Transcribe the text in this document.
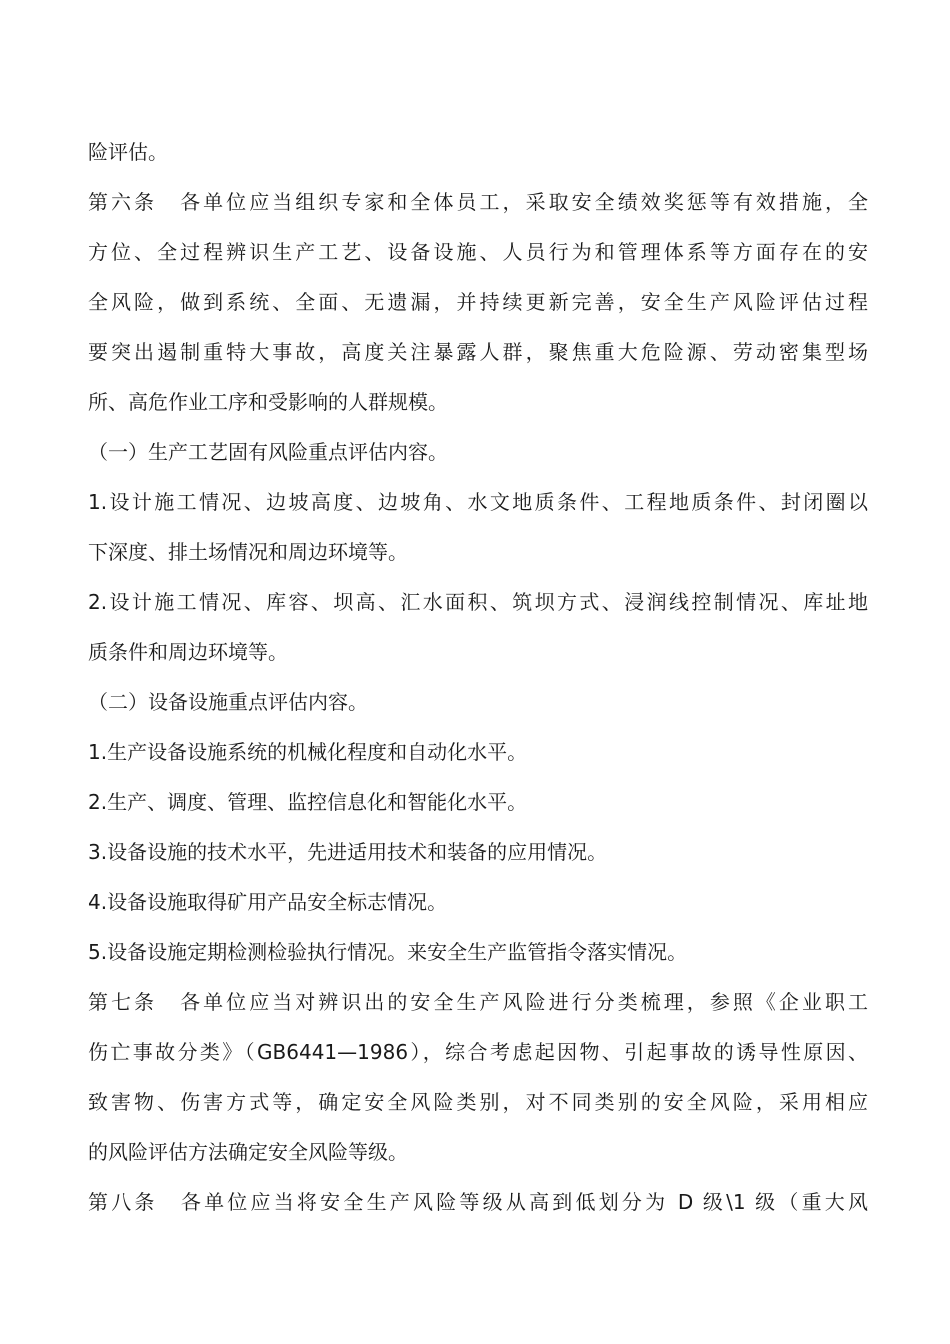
险评估。
第六条　各单位应当组织专家和全体员工，采取安全绩效奖惩等有效措施，全
方位、全过程辨识生产工艺、设备设施、人员行为和管理体系等方面存在的安
全风险，做到系统、全面、无遗漏，并持续更新完善，安全生产风险评估过程
要突出遏制重特大事故，高度关注暴露人群，聚焦重大危险源、劳动密集型场
所、高危作业工序和受影响的人群规模。
（一）生产工艺固有风险重点评估内容。
1.设计施工情况、边坡高度、边坡角、水文地质条件、工程地质条件、封闭圈以
下深度、排土场情况和周边环境等。
2.设计施工情况、库容、坝高、汇水面积、筑坝方式、浸润线控制情况、库址地
质条件和周边环境等。
（二）设备设施重点评估内容。
1.生产设备设施系统的机械化程度和自动化水平。
2.生产、调度、管理、监控信息化和智能化水平。
3.设备设施的技术水平，先进适用技术和装备的应用情况。
4.设备设施取得矿用产品安全标志情况。
5.设备设施定期检测检验执行情况。来安全生产监管指令落实情况。
第七条　各单位应当对辨识出的安全生产风险进行分类梳理，参照《企业职工
伤亡事故分类》（GB6441—1986），综合考虑起因物、引起事故的诱导性原因、
致害物、伤害方式等，确定安全风险类别，对不同类别的安全风险，采用相应
的风险评估方法确定安全风险等级。
第八条　各单位应当将安全生产风险等级从高到低划分为 D 级\1 级（重大风
